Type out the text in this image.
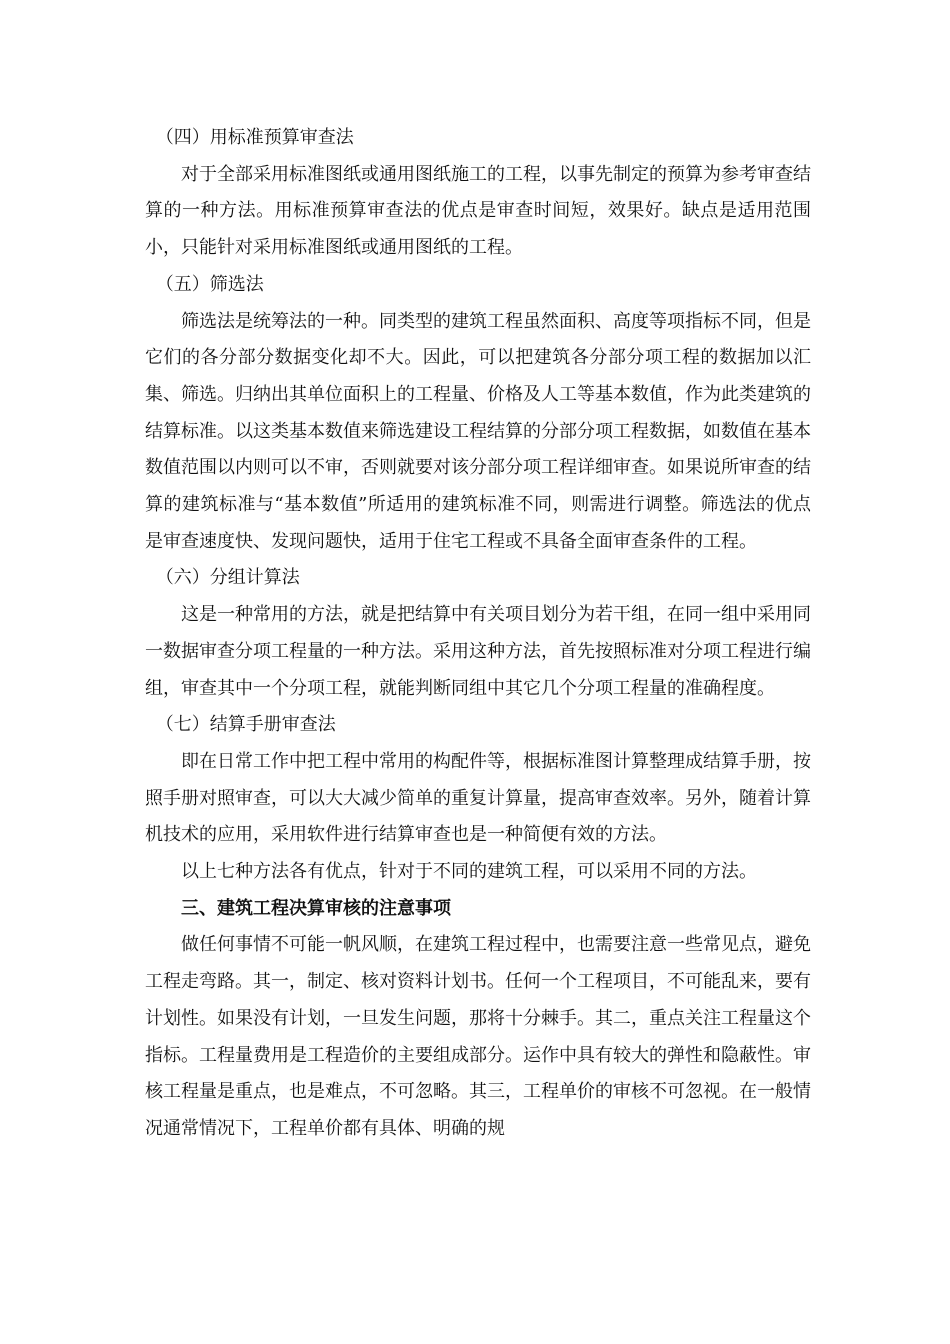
（四）用标准预算审查法

对于全部采用标准图纸或通用图纸施工的工程，以事先制定的预算为参考审查结算的一种方法。用标准预算审查法的优点是审查时间短，效果好。缺点是适用范围小，只能针对采用标准图纸或通用图纸的工程。

（五）筛选法

筛选法是统筹法的一种。同类型的建筑工程虽然面积、高度等项指标不同，但是它们的各分部分数据变化却不大。因此，可以把建筑各分部分项工程的数据加以汇集、筛选。归纳出其单位面积上的工程量、价格及人工等基本数值，作为此类建筑的结算标准。以这类基本数值来筛选建设工程结算的分部分项工程数据，如数值在基本数值范围以内则可以不审，否则就要对该分部分项工程详细审查。如果说所审查的结算的建筑标准与“基本数值”所适用的建筑标准不同，则需进行调整。筛选法的优点是审查速度快、发现问题快，适用于住宅工程或不具备全面审查条件的工程。

（六）分组计算法

这是一种常用的方法，就是把结算中有关项目划分为若干组，在同一组中采用同一数据审查分项工程量的一种方法。采用这种方法，首先按照标准对分项工程进行编组，审查其中一个分项工程，就能判断同组中其它几个分项工程量的准确程度。

（七）结算手册审查法

即在日常工作中把工程中常用的构配件等，根据标准图计算整理成结算手册，按照手册对照审查，可以大大减少简单的重复计算量，提高审查效率。另外，随着计算机技术的应用，采用软件进行结算审查也是一种简便有效的方法。

以上七种方法各有优点，针对于不同的建筑工程，可以采用不同的方法。

三、建筑工程决算审核的注意事项

做任何事情不可能一帆风顺，在建筑工程过程中，也需要注意一些常见点，避免工程走弯路。其一，制定、核对资料计划书。任何一个工程项目，不可能乱来，要有计划性。如果没有计划，一旦发生问题，那将十分棘手。其二，重点关注工程量这个指标。工程量费用是工程造价的主要组成部分。运作中具有较大的弹性和隐蔽性。审核工程量是重点，也是难点，不可忽略。其三，工程单价的审核不可忽视。在一般情况通常情况下，工程单价都有具体、明确的规
